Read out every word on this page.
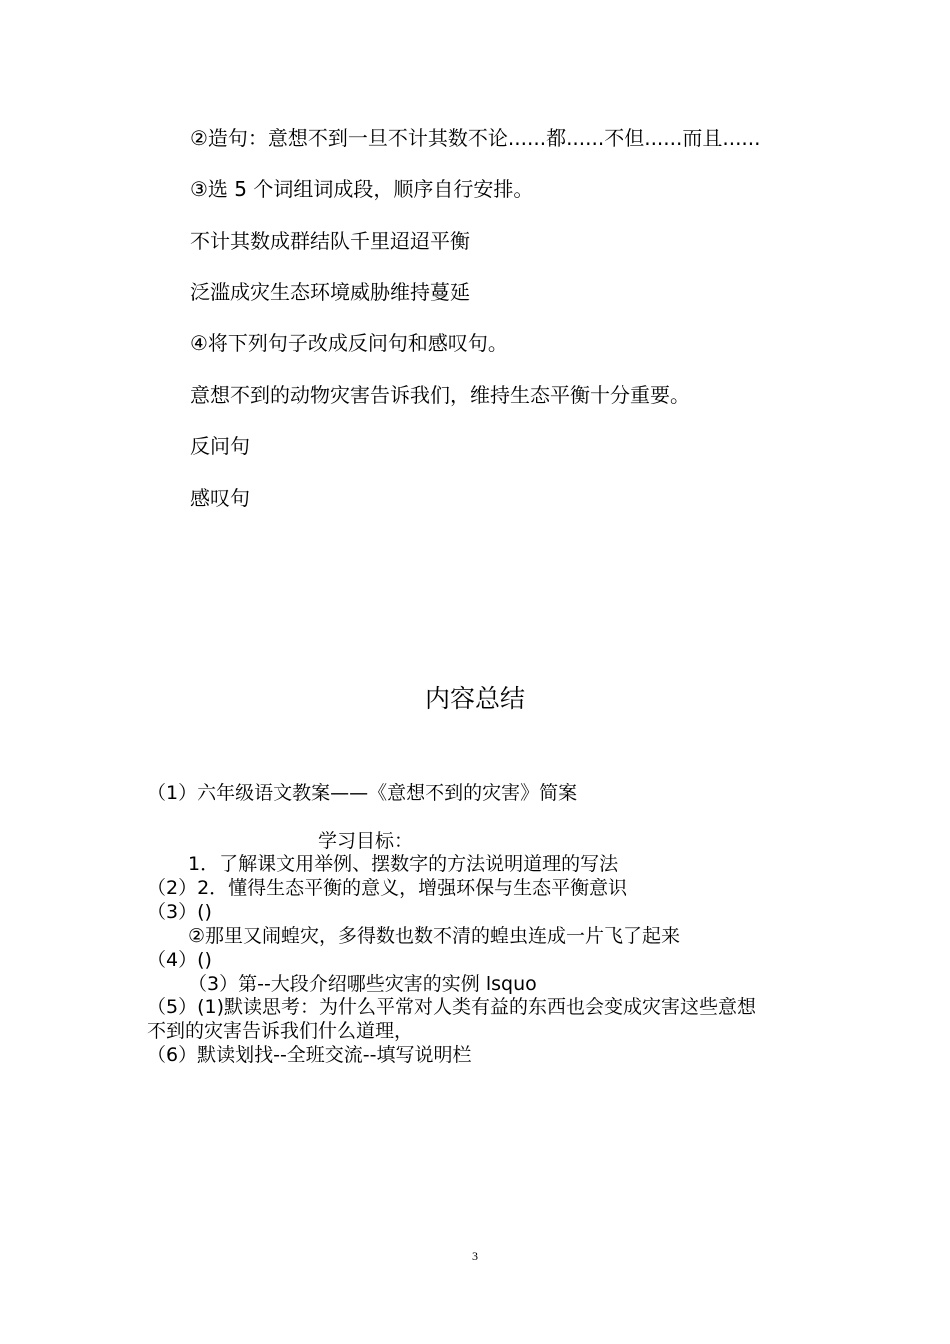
②造句：意想不到一旦不计其数不论......都......不但......而且......
③选 5 个词组词成段，顺序自行安排。
不计其数成群结队千里迢迢平衡
泛滥成灾生态环境威胁维持蔓延
④将下列句子改成反问句和感叹句。
意想不到的动物灾害告诉我们，维持生态平衡十分重要。
反问句
感叹句
内容总结
（1）六年级语文教案——《意想不到的灾害》简案
学习目标：
1．了解课文用举例、摆数字的方法说明道理的写法
（2）2．懂得生态平衡的意义，增强环保与生态平衡意识
（3）()
②那里又闹蝗灾，多得数也数不清的蝗虫连成一片飞了起来
（4）()
（3）第--大段介绍哪些灾害的实例 lsquo
（5）(1)默读思考：为什么平常对人类有益的东西也会变成灾害这些意想
不到的灾害告诉我们什么道理，
（6）默读划找--全班交流--填写说明栏
3
